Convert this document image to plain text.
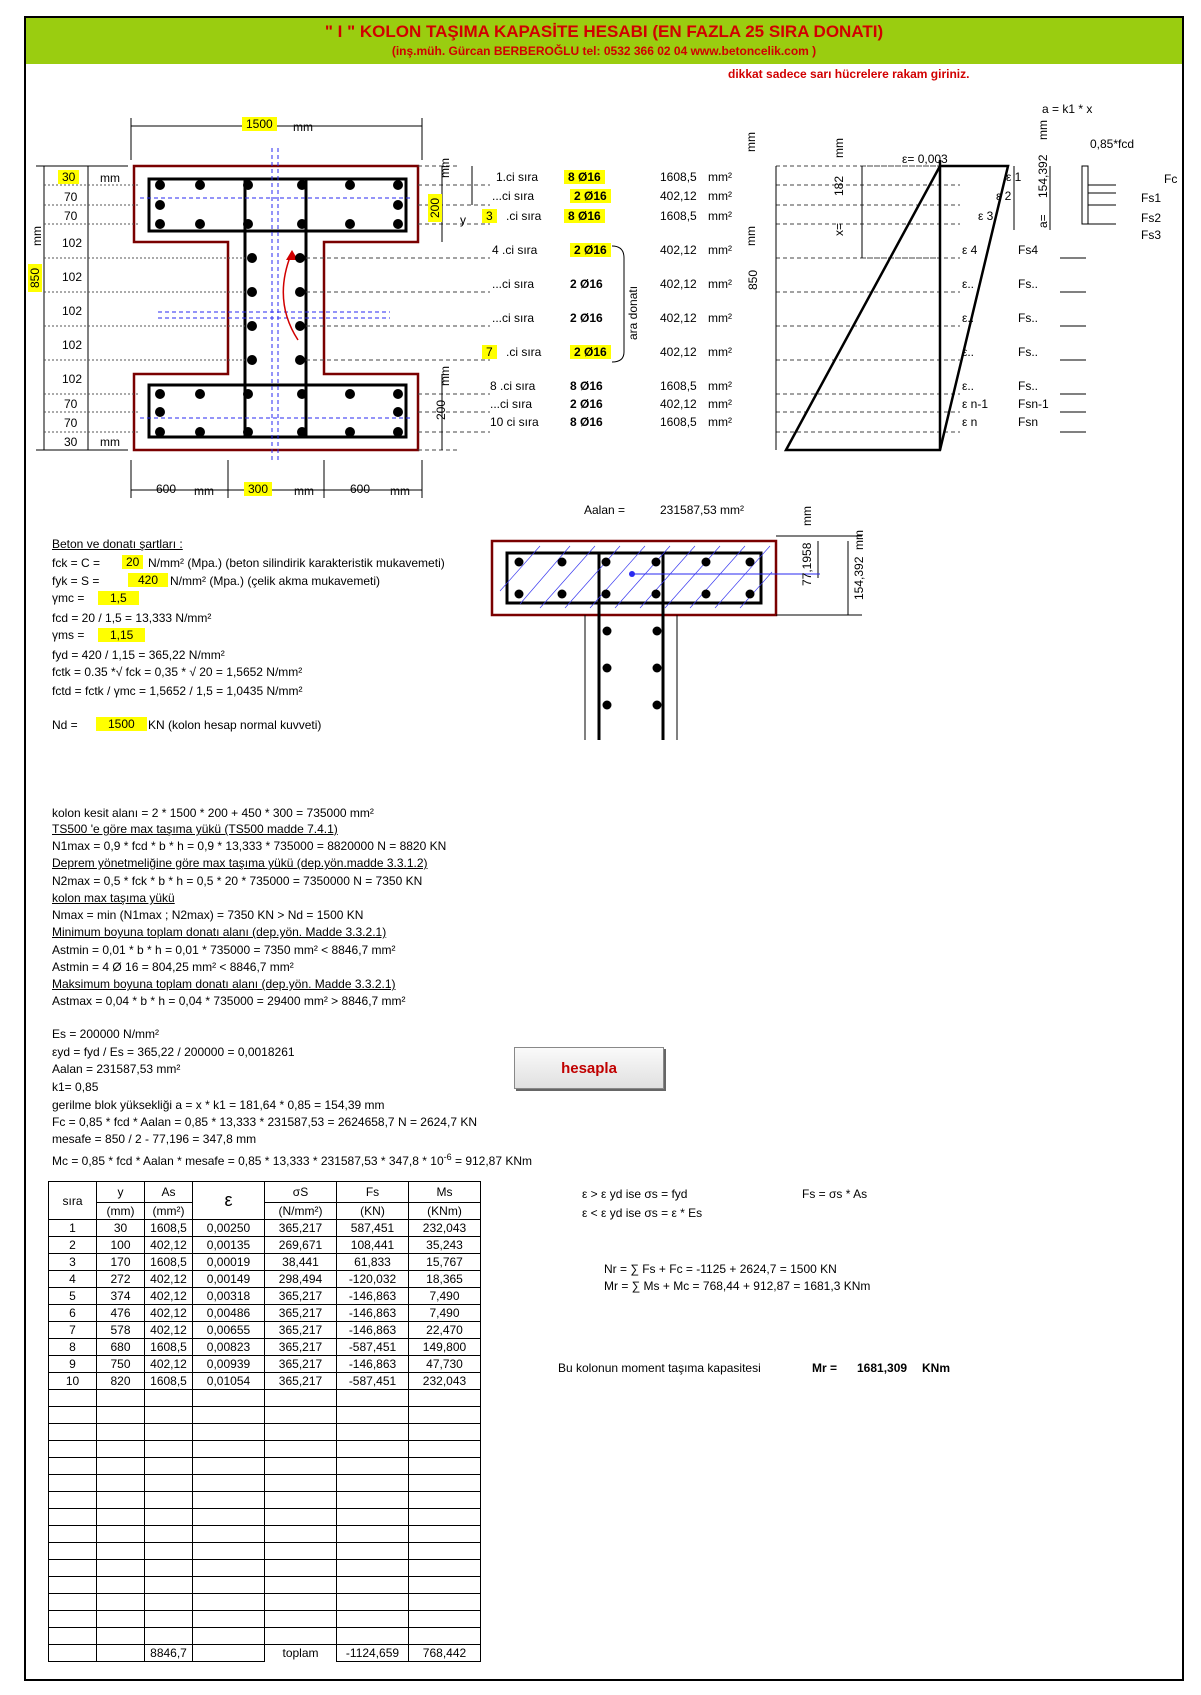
" I " KOLON TAŞIMA KAPASİTE HESABI (EN FAZLA 25 SIRA DONATI)
(inş.müh. Gürcan BERBEROĞLU tel: 0532 366 02 04 www.betoncelik.com )
dikkat sadece sarı hücrelere rakam giriniz.
1500	mm
30	mm
70
70
102
102
102
102
102
70
70
30 mm
850
mm
200
mm
200
mm
y
600 mm	300	mm	600 mm
1.ci sıra	8 Ø16	1608,5 mm²
...ci sıra	2 Ø16	402,12 mm²
3	.ci sıra	8 Ø16	1608,5 mm²
4 .ci sıra	2 Ø16	402,12 mm²
...ci sıra	2 Ø16	402,12 mm²
...ci sıra	2 Ø16	402,12 mm²
7	.ci sıra	2 Ø16	402,12 mm²
8 .ci sıra	8 Ø16	1608,5 mm²
...ci sıra	2 Ø16	402,12 mm²
10 ci sıra	8 Ø16	1608,5 mm²
ara donatı
ε 1
ε 2
ε 3
ε 4
ε..
ε..
ε..
ε..
ε n-1
ε n
Fs4
Fs..
Fs..
Fs..
Fs..
Fsn-1
Fsn
ε= 0,003
182
mm
x=
mm
850
mm
a = k1 * x
0,85*fcd
mm
154,392
a=
Fc
Fs1
Fs2
Fs3
Aalan =	231587,53 mm²
77,1958
mm
154,392
mm
Beton ve donatı şartları :
fck = C =	20 N/mm² (Mpa.) (beton silindirik karakteristik mukavemeti)
fyk = S =	420 N/mm² (Mpa.) (çelik akma mukavemeti)
γmc =	1,5
fcd = 20 / 1,5 = 13,333 N/mm²
γms =	1,15
fyd = 420 / 1,15 = 365,22 N/mm²
fctk = 0.35 *√ fck = 0,35 * √ 20 = 1,5652 N/mm²
fctd = fctk / γmc = 1,5652 / 1,5 = 1,0435 N/mm²
Nd =	1500	KN (kolon hesap normal kuvveti)
kolon kesit alanı = 2 * 1500 * 200 + 450 * 300 = 735000 mm²
TS500 'e göre max taşıma yükü (TS500 madde 7.4.1)
N1max = 0,9 * fcd * b * h = 0,9 * 13,333 * 735000 = 8820000 N = 8820 KN
Deprem yönetmeliğine göre max taşıma yükü (dep.yön.madde 3.3.1.2)
N2max = 0,5 * fck * b * h = 0,5 * 20 * 735000 = 7350000 N = 7350 KN
kolon max taşıma yükü
Nmax = min (N1max ; N2max) = 7350 KN > Nd = 1500 KN
Minimum boyuna toplam donatı alanı (dep.yön. Madde 3.3.2.1)
Astmin = 0,01 * b * h = 0,01 * 735000 = 7350 mm² < 8846,7 mm²
Astmin = 4 Ø 16 = 804,25 mm² < 8846,7 mm²
Maksimum boyuna toplam donatı alanı (dep.yön. Madde 3.3.2.1)
Astmax = 0,04 * b * h = 0,04 * 735000 = 29400 mm² > 8846,7 mm²
Es = 200000 N/mm²
εyd = fyd / Es = 365,22 / 200000 = 0,0018261
Aalan = 231587,53 mm²
k1= 0,85
gerilme blok yüksekliği a = x * k1 = 181,64 * 0,85 = 154,39 mm
Fc = 0,85 * fcd * Aalan = 0,85 * 13,333 * 231587,53 = 2624658,7 N = 2624,7 KN
mesafe = 850 / 2 - 77,196 = 347,8 mm
Mc = 0,85 * fcd * Aalan * mesafe = $0,85 * 13,333 * 231587,53 * 347,8 * 10^{-6} = 912,87$ KNm
hesapla
ε > ε yd ise σs = fyd
ε < ε yd ise σs = ε * Es
Fs = σs * As
Nr = ∑ Fs + Fc = -1125 + 2624,7 = 1500 KN
Mr = ∑ Ms + Mc = 768,44 + 912,87 = 1681,3 KNm
Bu kolonun moment taşıma kapasitesi	Mr = 1681,309 KNm
sıra	y	As	ε	σS	Fs	Ms
	(mm)	(mm²)		(N/mm²)	(KN)	(KNm)
1	30	1608,5	0,00250	365,217	587,451	232,043
2	100	402,12	0,00135	269,671	108,441	35,243
3	170	1608,5	0,00019	38,441	61,833	15,767
4	272	402,12	0,00149	298,494	-120,032	18,365
5	374	402,12	0,00318	365,217	-146,863	7,490
6	476	402,12	0,00486	365,217	-146,863	7,490
7	578	402,12	0,00655	365,217	-146,863	22,470
8	680	1608,5	0,00823	365,217	-587,451	149,800
9	750	402,12	0,00939	365,217	-146,863	47,730
10	820	1608,5	0,01054	365,217	-587,451	232,043

		8846,7		toplam	-1124,659	768,442
